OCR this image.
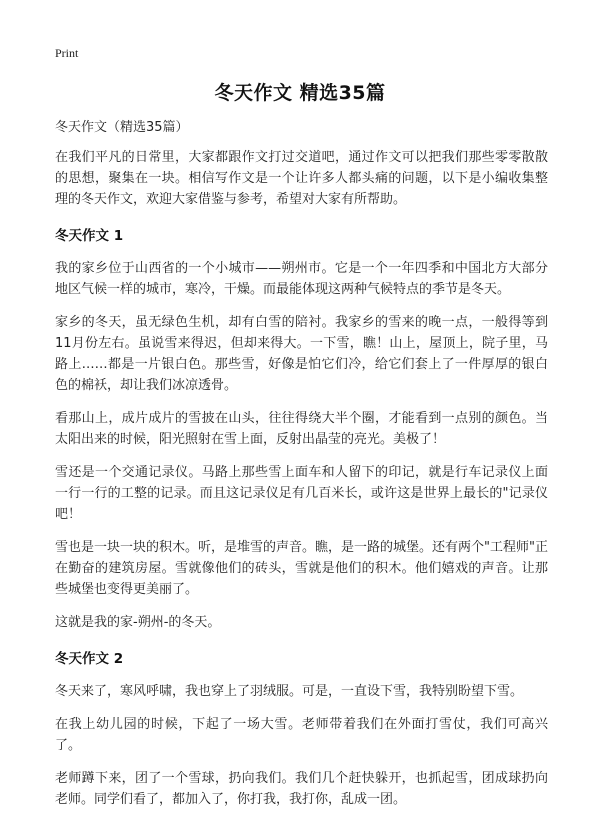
Print
冬天作文 精选35篇
冬天作文（精选35篇）

在我们平凡的日常里，大家都跟作文打过交道吧，通过作文可以把我们那些零零散散的思想，聚集在一块。相信写作文是一个让许多人都头痛的问题，以下是小编收集整理的冬天作文，欢迎大家借鉴与参考，希望对大家有所帮助。

冬天作文 1

我的家乡位于山西省的一个小城市——朔州市。它是一个一年四季和中国北方大部分地区气候一样的城市，寒冷，干燥。而最能体现这两种气候特点的季节是冬天。

家乡的冬天，虽无绿色生机，却有白雪的陪衬。我家乡的雪来的晚一点，一般得等到11月份左右。虽说雪来得迟，但却来得大。一下雪，瞧！山上，屋顶上，院子里，马路上……都是一片银白色。那些雪，好像是怕它们冷，给它们套上了一件厚厚的银白色的棉袄，却让我们冰凉透骨。

看那山上，成片成片的雪披在山头，往往得绕大半个圈，才能看到一点别的颜色。当太阳出来的时候，阳光照射在雪上面，反射出晶莹的亮光。美极了！

雪还是一个交通记录仪。马路上那些雪上面车和人留下的印记，就是行车记录仪上面一行一行的工整的记录。而且这记录仪足有几百米长，或许这是世界上最长的"记录仪吧！

雪也是一块一块的积木。听，是堆雪的声音。瞧，是一路的城堡。还有两个"工程师"正在勤奋的建筑房屋。雪就像他们的砖头，雪就是他们的积木。他们嬉戏的声音。让那些城堡也变得更美丽了。

这就是我的家-朔州-的冬天。

冬天作文 2

冬天来了，寒风呼啸，我也穿上了羽绒服。可是，一直设下雪，我特别盼望下雪。

在我上幼儿园的时候，下起了一场大雪。老师带着我们在外面打雪仗，我们可高兴了。

老师蹲下来，团了一个雪球，扔向我们。我们几个赶快躲开，也抓起雪，团成球扔向老师。同学们看了，都加入了，你打我，我打你，乱成一团。
